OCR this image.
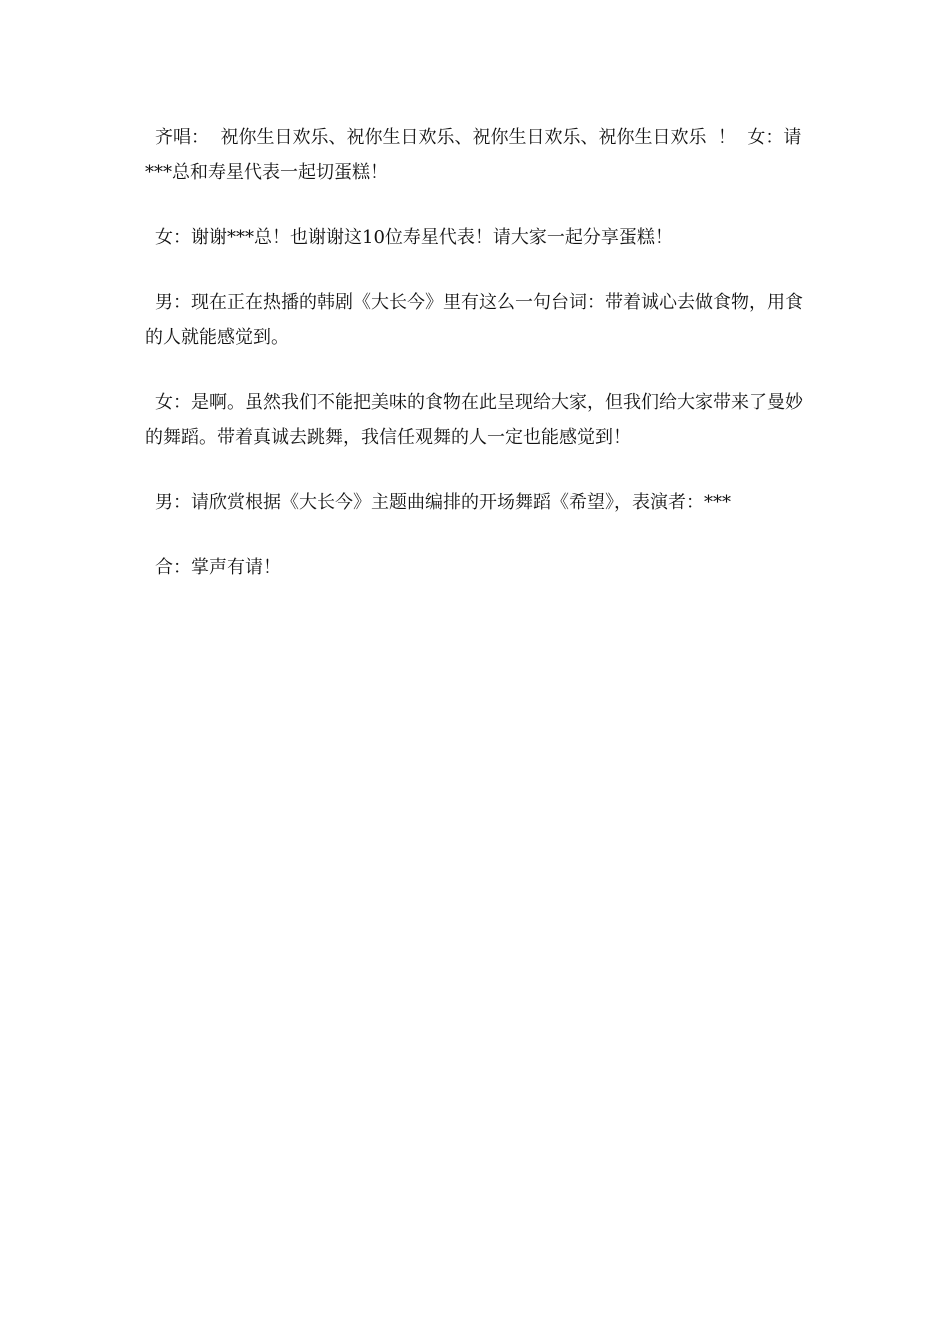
齐唱：  祝你生日欢乐、祝你生日欢乐、祝你生日欢乐、祝你生日欢乐  ！  女：请***总和寿星代表一起切蛋糕！

女：谢谢***总！也谢谢这10位寿星代表！请大家一起分享蛋糕！

男：现在正在热播的韩剧《大长今》里有这么一句台词：带着诚心去做食物，用食的人就能感觉到。

女：是啊。虽然我们不能把美味的食物在此呈现给大家，但我们给大家带来了曼妙的舞蹈。带着真诚去跳舞，我信任观舞的人一定也能感觉到！

男：请欣赏根据《大长今》主题曲编排的开场舞蹈《希望》，表演者：***

合：掌声有请！
